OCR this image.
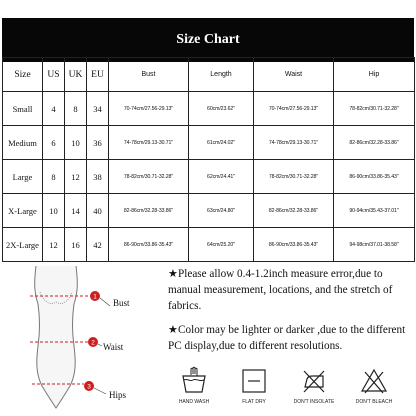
Size Chart
Size	US	UK	EU	Bust	Length	Waist	Hip
Small	4	8	34	70-74cm/27.56-29.13''	60cm/23.62''	70-74cm/27.56-29.13''	78-82cm/30.71-32.28''
Medium	6	10	36	74-78cm/29.13-30.71''	61cm/24.02''	74-78cm/29.13-30.71''	82-86cm/32.28-33.86''
Large	8	12	38	78-82cm/30.71-32.28''	62cm/24.41''	78-82cm/30.71-32.28''	86-90cm/33.86-35.43''
X-Large	10	14	40	82-86cm/32.28-33.86''	63cm/24.80''	82-86cm/32.28-33.86''	90-94cm/35.43-37.01''
2X-Large	12	16	42	86-90cm/33.86-35.43''	64cm/25.20''	86-90cm/33.86-35.43''	94-98cm/37.01-38.58''
1
2
3
Bust
Waist
Hips

★Please allow 0.4-1.2inch measure error,due to manual measurement, locations, and the stretch of fabrics.

★Color may be lighter or darker ,due to the different PC display,due to different resolutions.

HAND WASH	FLAT DRY	DON'T INSOLATE	DON'T BLEACH
